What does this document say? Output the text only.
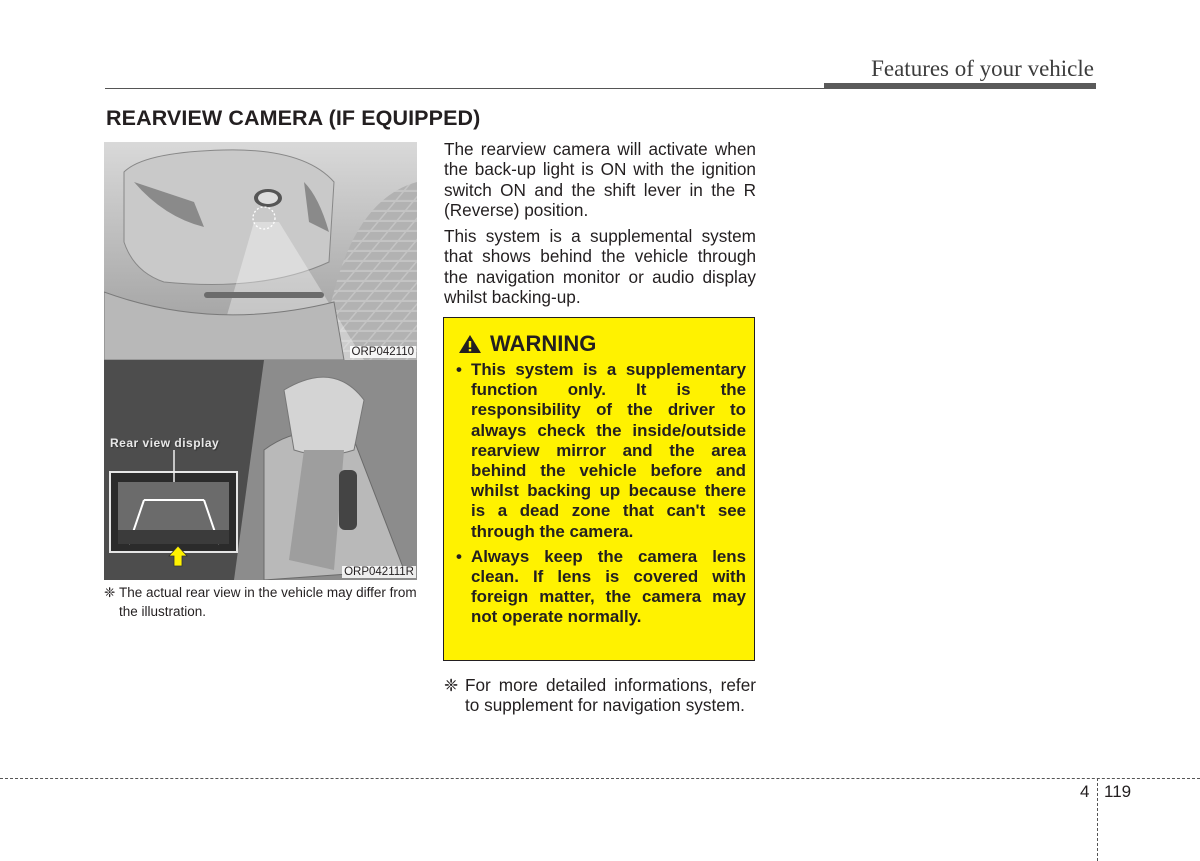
Features of your vehicle
REARVIEW CAMERA (IF EQUIPPED)
ORP042110
Rear view display
ORP042111R
❈ The actual rear view in the vehicle may differ from the illustration.
The rearview camera will activate when the back-up light is ON with the ignition switch ON and the shift lever in the R (Reverse) position.
This system is a supplemental system that shows behind the vehicle through the navigation monitor or audio display whilst backing-up.
WARNING
• This system is a supplementary function only. It is the responsibility of the driver to always check the inside/outside rearview mirror and the area behind the vehicle before and whilst backing up because there is a dead zone that can't see through the camera.
• Always keep the camera lens clean. If lens is covered with foreign matter, the camera may not operate normally.
❈ For more detailed informations, refer to supplement for navigation system.
4 119
